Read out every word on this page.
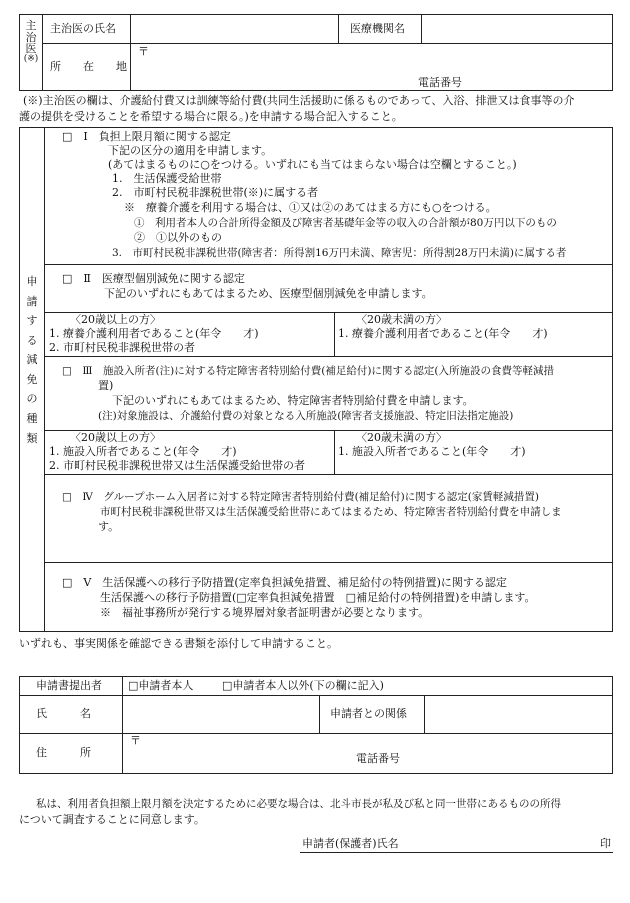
主
治
医
(※)
主治医の氏名	医療機関名
所　　在　　地
〒
電話番号
(※)主治医の欄は、介護給付費又は訓練等給付費(共同生活援助に係るものであって、入浴、排泄又は食事等の介
護の提供を受けることを希望する場合に限る。)を申請する場合記入すること。
申
請
す
る
減
免
の
種
類
□　Ⅰ　負担上限月額に関する認定
下記の区分の適用を申請します。
(あてはまるものに○をつける。いずれにも当てはまらない場合は空欄とすること。)
1.　生活保護受給世帯
2.　市町村民税非課税世帯(※)に属する者
※　療養介護を利用する場合は、①又は②のあてはまる方にも○をつける。
①　利用者本人の合計所得金額及び障害者基礎年金等の収入の合計額が80万円以下のもの
②　①以外のもの
3.　市町村民税非課税世帯(障害者：所得割16万円未満、障害児：所得割28万円未満)に属する者
□　Ⅱ　医療型個別減免に関する認定
下記のいずれにもあてはまるため、医療型個別減免を申請します。
〈20歳以上の方〉
1. 療養介護利用者であること(年令　　才)
2. 市町村民税非課税世帯の者
〈20歳未満の方〉
1. 療養介護利用者であること(年令　　才)
□　Ⅲ　施設入所者(注)に対する特定障害者特別給付費(補足給付)に関する認定(入所施設の食費等軽減措
置)
下記のいずれにもあてはまるため、特定障害者特別給付費を申請します。
(注)対象施設は、介護給付費の対象となる入所施設(障害者支援施設、特定旧法指定施設)
〈20歳以上の方〉
1. 施設入所者であること(年令　　才)
2. 市町村民税非課税世帯又は生活保護受給世帯の者
〈20歳未満の方〉
1. 施設入所者であること(年令　　才)
□　Ⅳ　グループホーム入居者に対する特定障害者特別給付費(補足給付)に関する認定(家賃軽減措置)
市町村民税非課税世帯又は生活保護受給世帯にあてはまるため、特定障害者特別給付費を申請しま
す。
□　Ⅴ　生活保護への移行予防措置(定率負担減免措置、補足給付の特例措置)に関する認定
生活保護への移行予防措置(□定率負担減免措置　□補足給付の特例措置)を申請します。
※　福祉事務所が発行する境界層対象者証明書が必要となります。
いずれも、事実関係を確認できる書類を添付して申請すること。
申請書提出者 □申請者本人	□申請者本人以外(下の欄に記入)
氏　　　名	申請者との関係
住　　　所
〒
電話番号
私は、利用者負担額上限月額を決定するために必要な場合は、北斗市長が私及び私と同一世帯にあるものの所得
について調査することに同意します。
申請者(保護者)氏名	印
